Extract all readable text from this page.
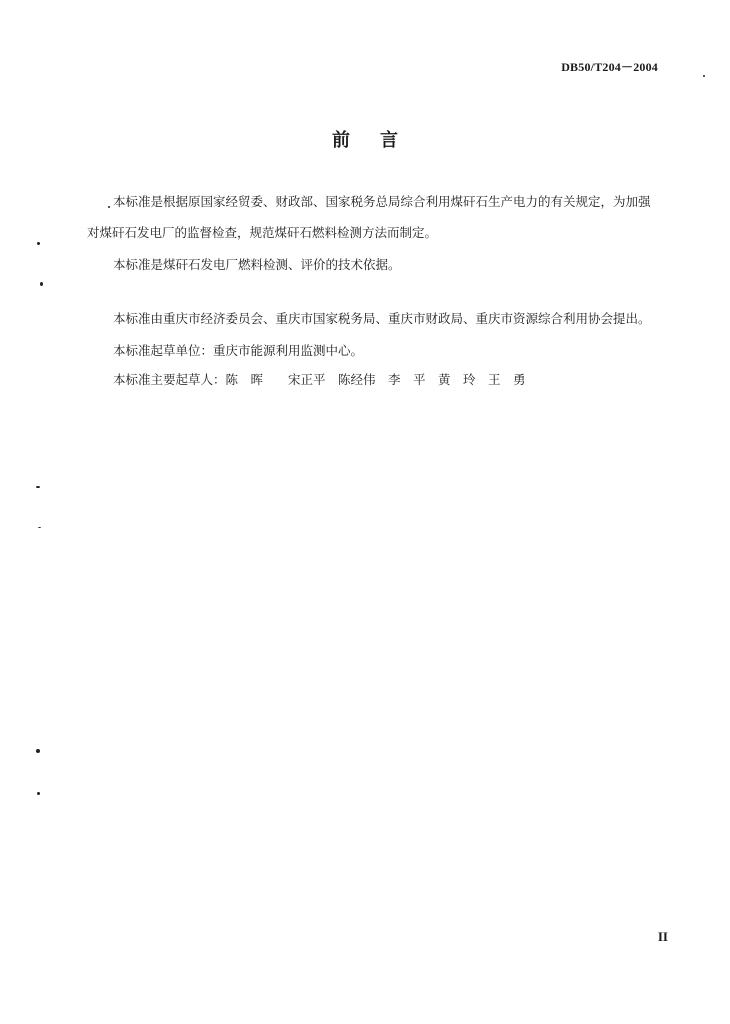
DB50/T204－2004
前言
本标准是根据原国家经贸委、财政部、国家税务总局综合利用煤矸石生产电力的有关规定，为加强
对煤矸石发电厂的监督检查，规范煤矸石燃料检测方法而制定。
本标准是煤矸石发电厂燃料检测、评价的技术依据。
本标准由重庆市经济委员会、重庆市国家税务局、重庆市财政局、重庆市资源综合利用协会提出。
本标准起草单位：重庆市能源利用监测中心。
本标准主要起草人：陈　晖　　宋正平　陈经伟　李　平　黄　玲　王　勇
II
